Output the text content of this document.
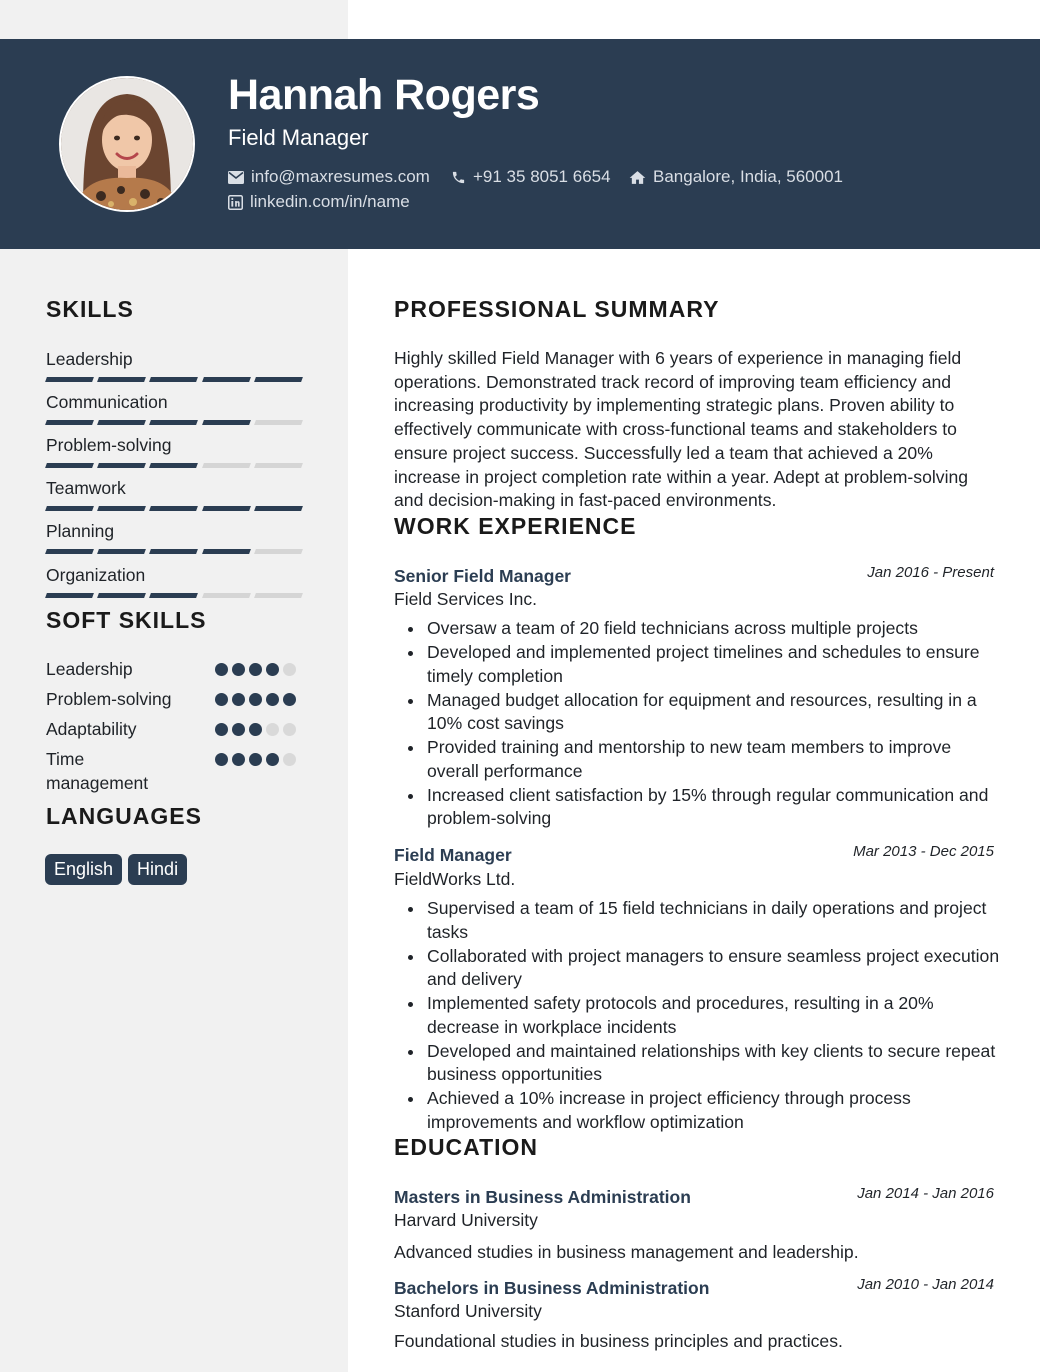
Hannah Rogers
Field Manager
info@maxresumes.com	+91 35 8051 6654 Bangalore, India, 560001
linkedin.com/in/name
SKILLS
Leadership
Communication
Problem-solving
Teamwork
Planning
Organization
SOFT SKILLS
Leadership
Problem-solving
Adaptability
Time management
LANGUAGES
English	Hindi
PROFESSIONAL SUMMARY

Highly skilled Field Manager with 6 years of experience in managing field operations. Demonstrated track record of improving team efficiency and increasing productivity by implementing strategic plans. Proven ability to effectively communicate with cross-functional teams and stakeholders to ensure project success. Successfully led a team that achieved a 20% increase in project completion rate within a year. Adept at problem-solving and decision-making in fast-paced environments.

WORK EXPERIENCE
Senior Field Manager	Jan 2016 - Present
Field Services Inc.
Oversaw a team of 20 field technicians across multiple projects
Developed and implemented project timelines and schedules to ensure timely completion
Managed budget allocation for equipment and resources, resulting in a 10% cost savings
Provided training and mentorship to new team members to improve overall performance
Increased client satisfaction by 15% through regular communication and problem-solving
Field Manager	Mar 2013 - Dec 2015
FieldWorks Ltd.
Supervised a team of 15 field technicians in daily operations and project tasks
Collaborated with project managers to ensure seamless project execution and delivery
Implemented safety protocols and procedures, resulting in a 20% decrease in workplace incidents
Developed and maintained relationships with key clients to secure repeat business opportunities
Achieved a 10% increase in project efficiency through process improvements and workflow optimization
EDUCATION
Masters in Business Administration	Jan 2014 - Jan 2016
Harvard University
Advanced studies in business management and leadership.
Bachelors in Business Administration	Jan 2010 - Jan 2014
Stanford University
Foundational studies in business principles and practices.
